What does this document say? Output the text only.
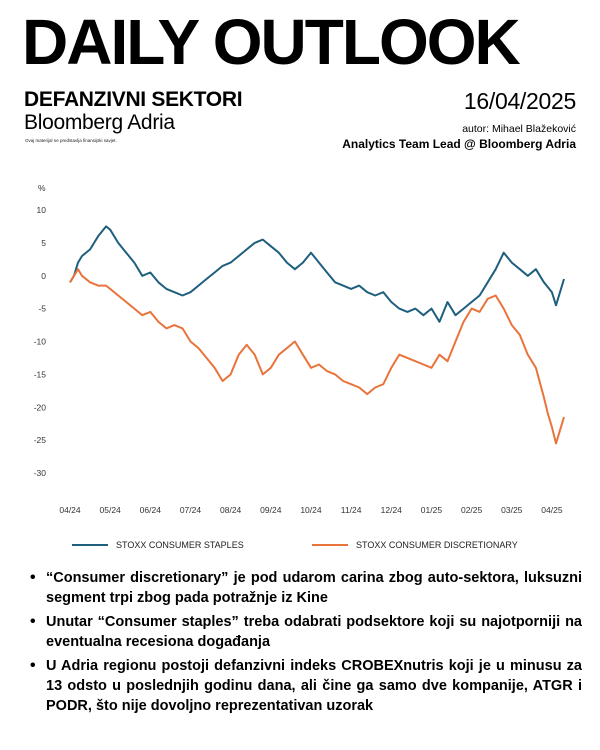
DAILY OUTLOOK
DEFANZIVNI SEKTORI
Bloomberg Adria
Ovaj materijal ne predstavlja finansijski savjet.
16/04/2025
autor: Mihael Blažeković
Analytics Team Lead @ Bloomberg Adria
%
10
5
0
-5
-10
-15
-20
-25
-30
04/24 05/24 06/24 07/24 08/24 09/24 10/24 11/24 12/24 01/25 02/25 03/25 04/25
STOXX CONSUMER STAPLES	STOXX CONSUMER DISCRETIONARY
• “Consumer discretionary” je pod udarom carina zbog auto-sektora, luksuzni segment trpi zbog pada potražnje iz Kine
• Unutar “Consumer staples” treba odabrati podsektore koji su najotporniji na eventualna recesiona događanja
• U Adria regionu postoji defanzivni indeks CROBEXnutris koji je u minusu za 13 odsto u poslednjih godinu dana, ali čine ga samo dve kompanije, ATGR i PODR, što nije dovoljno reprezentativan uzorak
